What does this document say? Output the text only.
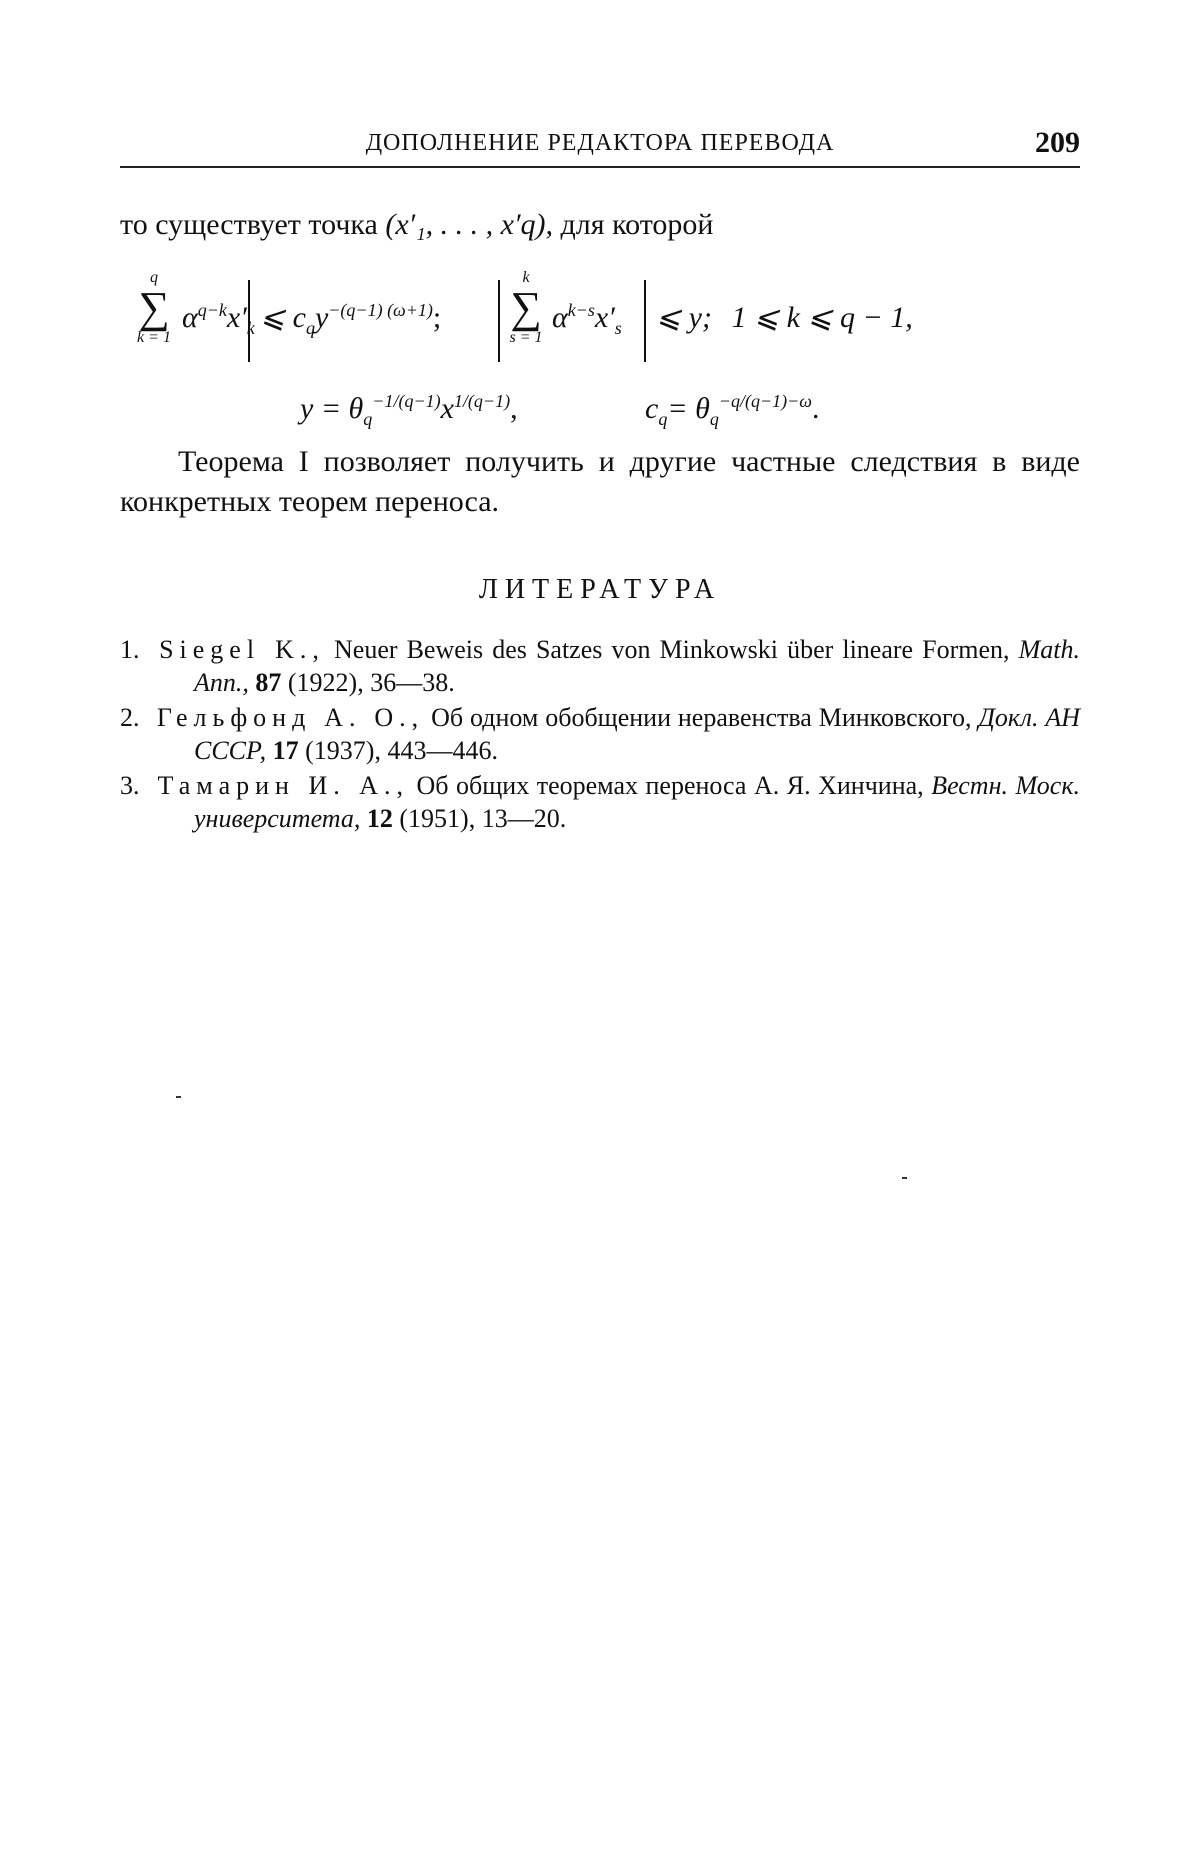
ДОПОЛНЕНИЕ РЕДАКТОРА ПЕРЕВОДА	209
то существует точка (x′₁, . . . , x′q), для которой
q
∑
k = 1
$\alpha^{q-k}x'_k$ ⩽ $c_qy^{-(q-1) (\omega+1)}$;
k
∑
s = 1
$\alpha^{k-s}x'_s$ ⩽ y; 1 ⩽ k ⩽ q − 1,
$y = \theta_q^{-1/(q-1)}x^{1/(q-1)}$,	$c_q= \theta_q^{-q/(q-1)-\omega}$.
Теорема I позволяет получить и другие частные следствия в виде конкретных теорем переноса.
ЛИТЕРАТУРА
1. Siegel K., Neuer Beweis des Satzes von Minkowski über lineare Formen, Math. Ann., 87 (1922), 36—38.
2. Гельфонд А. О., Об одном обобщении неравенства Минковского, Докл. АН СССР, 17 (1937), 443—446.
3. Тамарин И. А., Об общих теоремах переноса А. Я. Хинчина, Вестн. Моск. университета, 12 (1951), 13—20.
